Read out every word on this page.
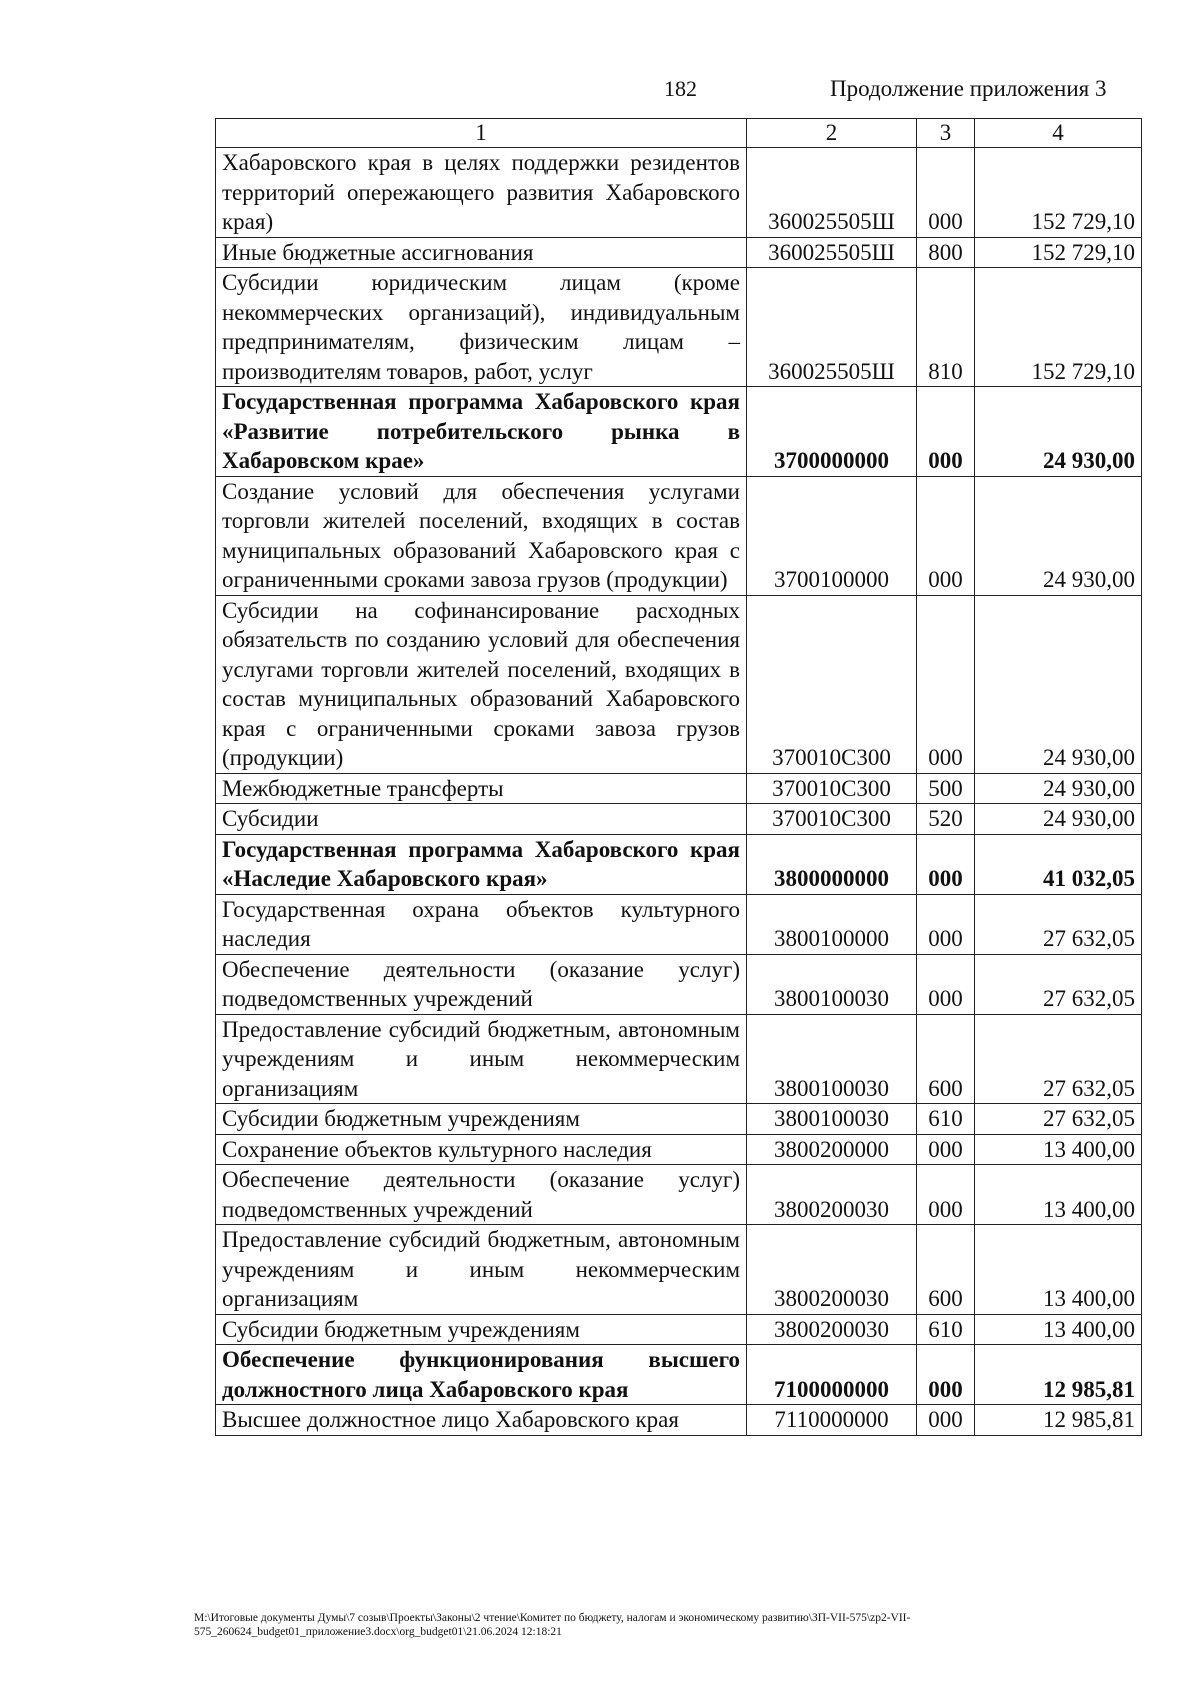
182	Продолжение приложения 3
1	2	3	4
Хабаровского края в целях поддержки резидентов территорий опережающего развития Хабаровского края)	360025505Ш	000	152 729,10
Иные бюджетные ассигнования	360025505Ш	800	152 729,10
Субсидии юридическим лицам (кроме некоммерческих организаций), индивидуальным предпринимателям, физическим лицам – производителям товаров, работ, услуг	360025505Ш	810	152 729,10
Государственная программа Хабаровского края «Развитие потребительского рынка в Хабаровском крае»	3700000000	000	24 930,00
Создание условий для обеспечения услугами торговли жителей поселений, входящих в состав муниципальных образований Хабаровского края с ограниченными сроками завоза грузов (продукции)	3700100000	000	24 930,00
Субсидии на софинансирование расходных обязательств по созданию условий для обеспечения услугами торговли жителей поселений, входящих в состав муниципальных образований Хабаровского края с ограниченными сроками завоза грузов (продукции)	370010С300	000	24 930,00
Межбюджетные трансферты	370010С300	500	24 930,00
Субсидии	370010С300	520	24 930,00
Государственная программа Хабаровского края «Наследие Хабаровского края»	3800000000	000	41 032,05
Государственная охрана объектов культурного наследия	3800100000	000	27 632,05
Обеспечение деятельности (оказание услуг) подведомственных учреждений	3800100030	000	27 632,05
Предоставление субсидий бюджетным, автономным учреждениям и иным некоммерческим организациям	3800100030	600	27 632,05
Субсидии бюджетным учреждениям	3800100030	610	27 632,05
Сохранение объектов культурного наследия	3800200000	000	13 400,00
Обеспечение деятельности (оказание услуг) подведомственных учреждений	3800200030	000	13 400,00
Предоставление субсидий бюджетным, автономным учреждениям и иным некоммерческим организациям	3800200030	600	13 400,00
Субсидии бюджетным учреждениям	3800200030	610	13 400,00
Обеспечение функционирования высшего должностного лица Хабаровского края	7100000000	000	12 985,81
Высшее должностное лицо Хабаровского края	7110000000	000	12 985,81
M:\Итоговые документы Думы\7 созыв\Проекты\Законы\2 чтение\Комитет по бюджету, налогам и экономическому развитию\ЗП-VII-575\zp2-VII-575_260624_budget01_приложение3.docx\org_budget01\21.06.2024 12:18:21
